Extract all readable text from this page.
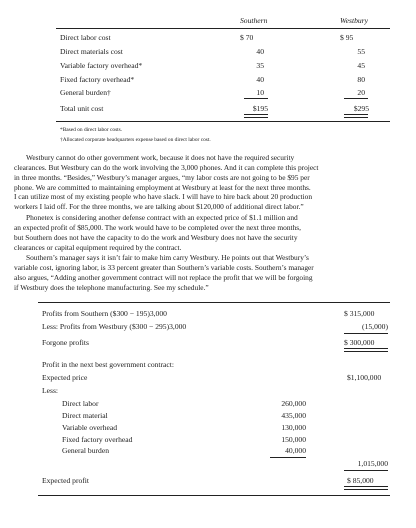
Southern	Westbury
Direct labor cost	$ 70	$ 95
Direct materials cost	40	55
Variable factory overhead*	35	45
Fixed factory overhead*	40	80
General burden†	10	20
Total unit cost	$195	$295
*Based on direct labor costs.
†Allocated corporate headquarters expense based on direct labor cost.
Westbury cannot do other government work, because it does not have the required security
clearances. But Westbury can do the work involving the 3,000 phones. And it can complete this project
in three months. “Besides,” Westbury’s manager argues, “my labor costs are not going to be $95 per
phone. We are committed to maintaining employment at Westbury at least for the next three months.
I can utilize most of my existing people who have slack. I will have to hire back about 20 production
workers I laid off. For the three months, we are talking about $120,000 of additional direct labor.”
Phonetex is considering another defense contract with an expected price of $1.1 million and
an expected profit of $85,000. The work would have to be completed over the next three months,
but Southern does not have the capacity to do the work and Westbury does not have the security
clearances or capital equipment required by the contract.
Southern’s manager says it isn’t fair to make him carry Westbury. He points out that Westbury’s
variable cost, ignoring labor, is 33 percent greater than Southern’s variable costs. Southern’s manager
also argues, “Adding another government contract will not replace the profit that we will be forgoing
if Westbury does the telephone manufacturing. See my schedule.”
Profits from Southern ($300 − 195)3,000	$ 315,000
Less: Profits from Westbury ($300 − 295)3,000	(15,000)
Forgone profits	$ 300,000
Profit in the next best government contract:
Expected price	$1,100,000
Less:
Direct labor	260,000
Direct material	435,000
Variable overhead	130,000
Fixed factory overhead	150,000
General burden	40,000
1,015,000
Expected profit	$ 85,000
